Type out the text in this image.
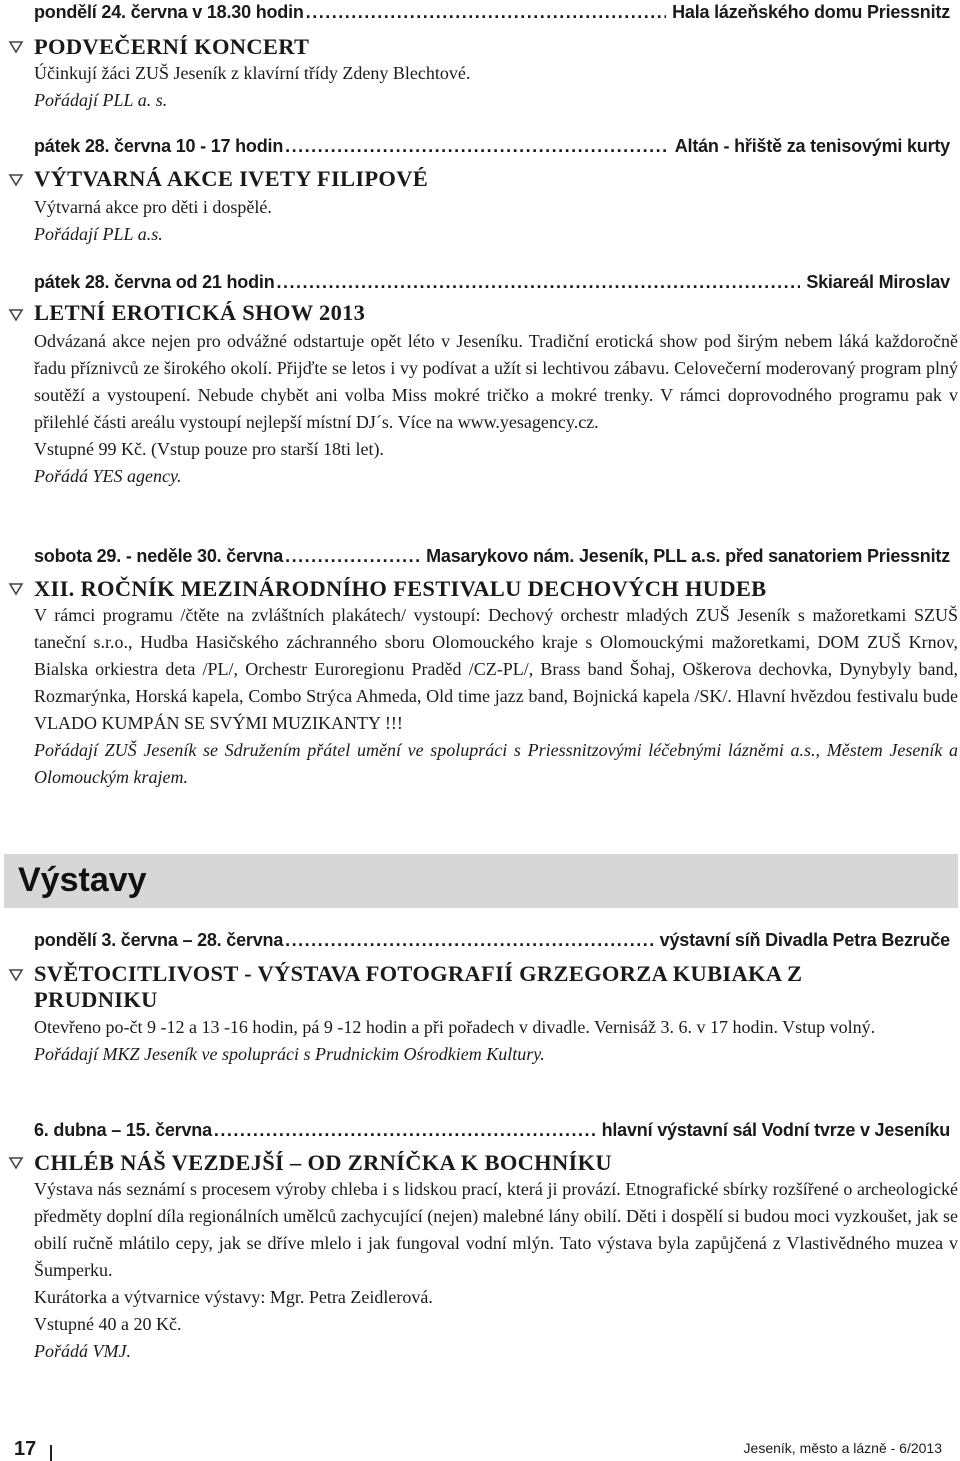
pondělí 24. června v 18.30 hodin .....	Hala lázeňského domu Priessnitz
PODVEČERNÍ KONCERT

Účinkují žáci ZUŠ Jeseník z klavírní třídy Zdeny Blechtové.

Pořádají PLL a. s.

pátek 28. června 10 - 17 hodin .....	Altán - hřiště za tenisovými kurty
VÝTVARNÁ AKCE IVETY FILIPOVÉ

Výtvarná akce pro děti i dospělé.

Pořádají PLL a.s.

pátek 28. června od 21 hodin .....	Skiareál Miroslav
LETNÍ EROTICKÁ SHOW 2013

Odvázaná akce nejen pro odvážné odstartuje opět léto v Jeseníku. Tradiční erotická show pod širým nebem láká každoročně řadu příznivců ze širokého okolí. Přijďte se letos i vy podívat a užít si lechtivou zábavu. Celovečerní moderovaný program plný soutěží a vystoupení. Nebude chybět ani volba Miss mokré tričko a mokré trenky. V rámci doprovodného programu pak v přilehlé části areálu vystoupí nejlepší místní DJ´s. Více na www.yesagency.cz.

Vstupné 99 Kč. (Vstup pouze pro starší 18ti let).

Pořádá YES agency.

sobota 29. - neděle 30. června .....	Masarykovo nám. Jeseník, PLL a.s. před sanatoriem Priessnitz
XII. ROČNÍK MEZINÁRODNÍHO FESTIVALU DECHOVÝCH HUDEB

V rámci programu /čtěte na zvláštních plakátech/ vystoupí: Dechový orchestr mladých ZUŠ Jeseník s mažoretkami SZUŠ taneční s.r.o., Hudba Hasičského záchranného sboru Olomouckého kraje s Olomouckými mažoretkami, DOM ZUŠ Krnov, Bialska orkiestra deta /PL/, Orchestr Euroregionu Praděd /CZ-PL/, Brass band Šohaj, Oškerova dechovka, Dynybyly band, Rozmarýnka, Horská kapela, Combo Strýca Ahmeda, Old time jazz band, Bojnická kapela /SK/. Hlavní hvězdou festivalu bude VLADO KUMPÁN SE SVÝMI MUZIKANTY !!!

Pořádají ZUŠ Jeseník se Sdružením přátel umění ve spolupráci s Priessnitzovými léčebnými lázněmi a.s., Městem Jeseník a Olomouckým krajem.

Výstavy
pondělí 3. června – 28. června .....	výstavní síň Divadla Petra Bezruče
SVĚTOCITLIVOST - VÝSTAVA FOTOGRAFIÍ GRZEGORZA KUBIAKA Z PRUDNIKU

Otevřeno po-čt 9 -12 a 13 -16 hodin, pá 9 -12 hodin a při pořadech v divadle. Vernisáž 3. 6. v 17 hodin. Vstup volný.

Pořádají MKZ Jeseník ve spolupráci s Prudnickim Ośrodkiem Kultury.

6. dubna – 15. června .....	hlavní výstavní sál Vodní tvrze v Jeseníku
CHLÉB NÁŠ VEZDEJŠÍ – OD ZRNÍČKA K BOCHNÍKU

Výstava nás seznámí s procesem výroby chleba i s lidskou prací, která ji provází. Etnografické sbírky rozšířené o archeologické předměty doplní díla regionálních umělců zachycující (nejen) malebné lány obilí. Děti i dospělí si budou moci vyzkoušet, jak se obilí ručně mlátilo cepy, jak se dříve mlelo i jak fungoval vodní mlýn. Tato výstava byla zapůjčená z Vlastivědného muzea v Šumperku.

Kurátorka a výtvarnice výstavy: Mgr. Petra Zeidlerová.

Vstupné 40 a 20 Kč.

Pořádá VMJ.

17	Jeseník, město a lázně - 6/2013
